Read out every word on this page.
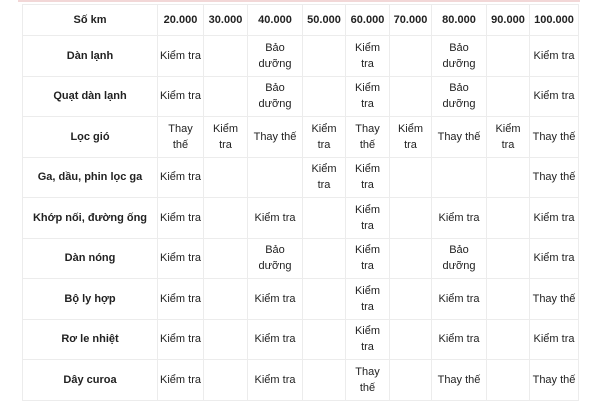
Số km	20.000	30.000	40.000	50.000	60.000	70.000	80.000	90.000	100.000
Dàn lạnh	Kiểm tra		Bảo dưỡng		Kiểm tra		Bảo dưỡng		Kiểm tra
Quạt dàn lạnh	Kiểm tra		Bảo dưỡng		Kiểm tra		Bảo dưỡng		Kiểm tra
Lọc gió	Thay thế	Kiểm tra	Thay thế	Kiểm tra	Thay thế	Kiểm tra	Thay thế	Kiểm tra	Thay thế
Ga, dầu, phin lọc ga	Kiểm tra			Kiểm tra	Kiểm tra				Thay thế
Khớp nối, đường ống	Kiểm tra		Kiểm tra		Kiểm tra		Kiểm tra		Kiểm tra
Dàn nóng	Kiểm tra		Bảo dưỡng		Kiểm tra		Bảo dưỡng		Kiểm tra
Bộ ly hợp	Kiểm tra		Kiểm tra		Kiểm tra		Kiểm tra		Thay thế
Rơ le nhiệt	Kiểm tra		Kiểm tra		Kiểm tra		Kiểm tra		Kiểm tra
Dây curoa	Kiểm tra		Kiểm tra		Thay thế		Thay thế		Thay thế
